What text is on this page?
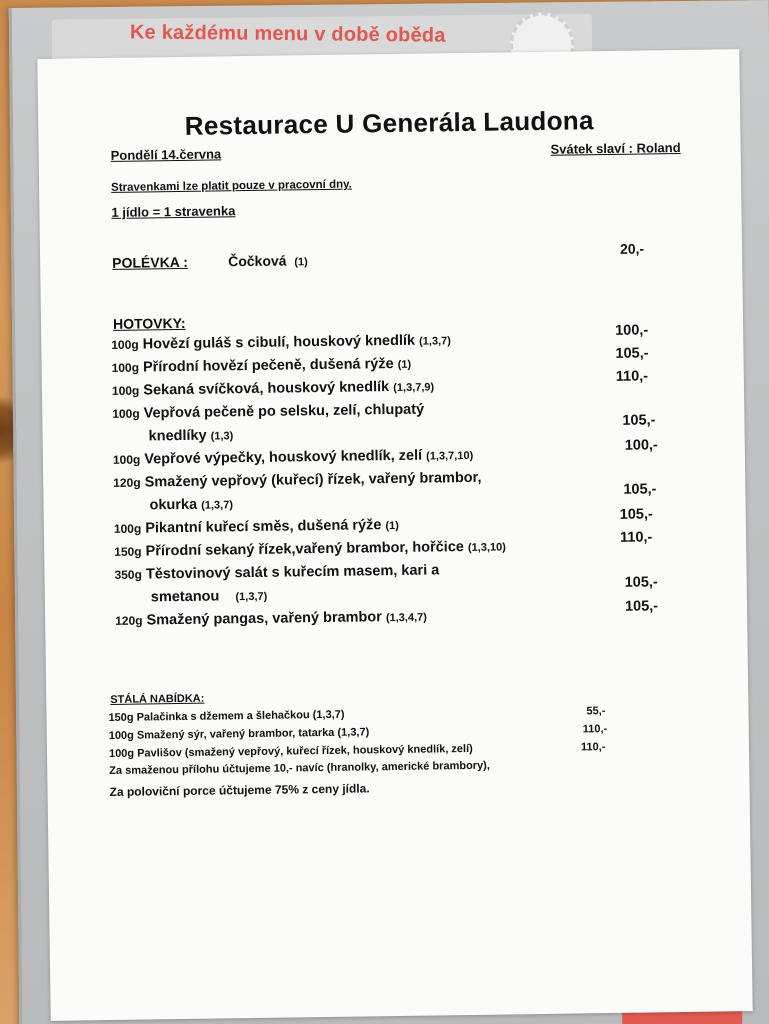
Ke každému menu v době oběda
Restaurace U Generála Laudona
Pondělí 14.června	Svátek slaví : Roland
Stravenkami lze platit pouze v pracovní dny.
1 jídlo = 1 stravenka
POLÉVKA :	Čočková (1)
20,-
HOTOVKY:
100g Hovězí guláš s cibulí, houskový knedlík (1,3,7)
100,-
100g Přírodní hovězí pečeně, dušená rýže (1)
105,-
100g Sekaná svíčková, houskový knedlík (1,3,7,9)
110,-
100g Vepřová pečeně po selsku, zelí, chlupatý
knedlíky (1,3)
105,-
100g Vepřové výpečky, houskový knedlík, zelí (1,3,7,10)
100,-
120g Smažený vepřový (kuřecí) řízek, vařený brambor,
okurka (1,3,7)
105,-
100g Pikantní kuřecí směs, dušená rýže (1)
105,-
150g Přírodní sekaný řízek,vařený brambor, hořčice (1,3,10)
110,-
350g Těstovinový salát s kuřecím masem, kari a
smetanou (1,3,7)
105,-
120g Smažený pangas, vařený brambor (1,3,4,7)
105,-
STÁLÁ NABÍDKA:
150g Palačinka s džemem a šlehačkou (1,3,7)	55,-
100g Smažený sýr, vařený brambor, tatarka (1,3,7)	110,-
100g Pavlišov (smažený vepřový, kuřecí řízek, houskový knedlík, zelí)	110,-
Za smaženou přílohu účtujeme 10,- navíc (hranolky, americké brambory),
Za poloviční porce účtujeme 75% z ceny jídla.
